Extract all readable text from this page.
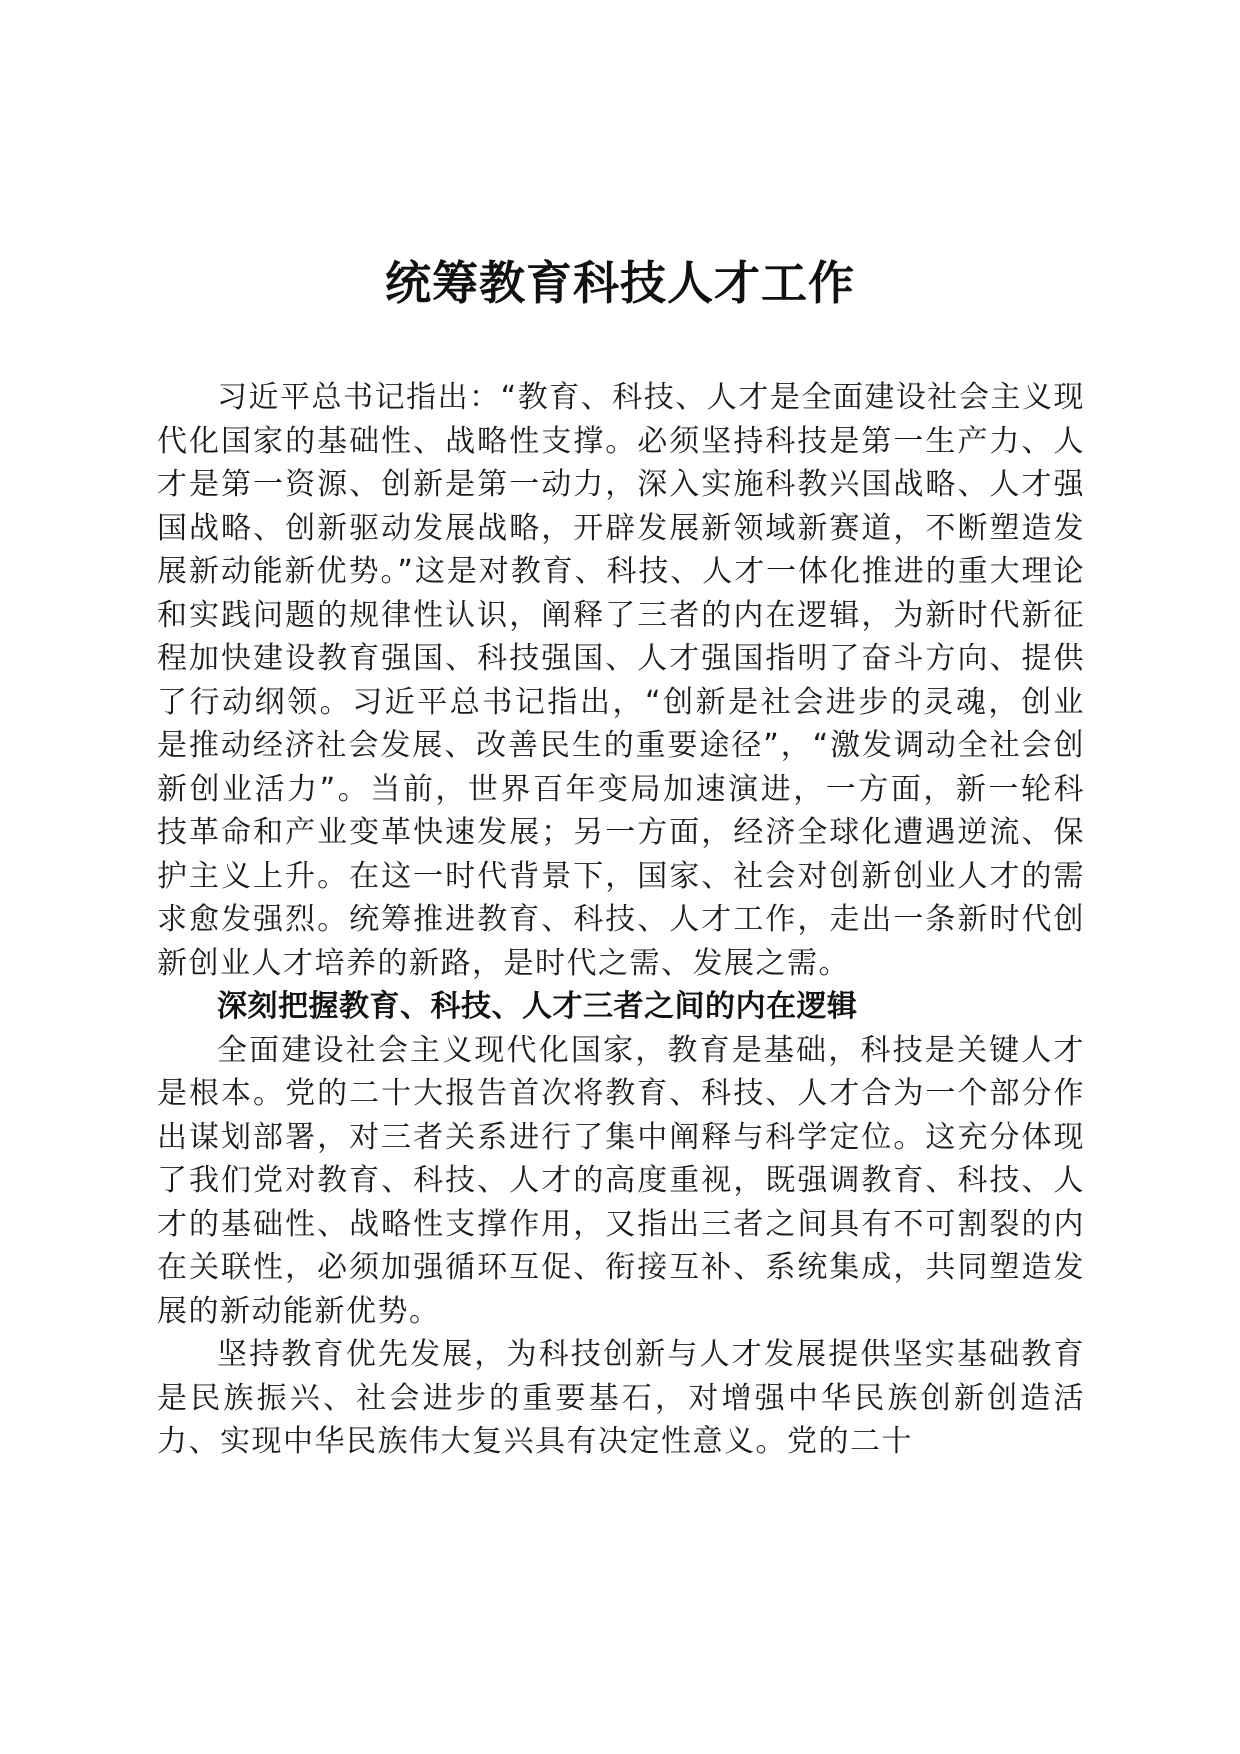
统筹教育科技人才工作

习近平总书记指出：“教育、科技、人才是全面建设社会主义现代化国家的基础性、战略性支撑。必须坚持科技是第一生产力、人才是第一资源、创新是第一动力，深入实施科教兴国战略、人才强国战略、创新驱动发展战略，开辟发展新领域新赛道，不断塑造发展新动能新优势。”这是对教育、科技、人才一体化推进的重大理论和实践问题的规律性认识，阐释了三者的内在逻辑，为新时代新征程加快建设教育强国、科技强国、人才强国指明了奋斗方向、提供了行动纲领。习近平总书记指出，“创新是社会进步的灵魂，创业是推动经济社会发展、改善民生的重要途径”，“激发调动全社会创新创业活力”。当前，世界百年变局加速演进，一方面，新一轮科技革命和产业变革快速发展；另一方面，经济全球化遭遇逆流、保护主义上升。在这一时代背景下，国家、社会对创新创业人才的需求愈发强烈。统筹推进教育、科技、人才工作，走出一条新时代创新创业人才培养的新路，是时代之需、发展之需。

深刻把握教育、科技、人才三者之间的内在逻辑

全面建设社会主义现代化国家，教育是基础，科技是关键人才是根本。党的二十大报告首次将教育、科技、人才合为一个部分作出谋划部署，对三者关系进行了集中阐释与科学定位。这充分体现了我们党对教育、科技、人才的高度重视，既强调教育、科技、人才的基础性、战略性支撑作用，又指出三者之间具有不可割裂的内在关联性，必须加强循环互促、衔接互补、系统集成，共同塑造发展的新动能新优势。

坚持教育优先发展，为科技创新与人才发展提供坚实基础教育是民族振兴、社会进步的重要基石，对增强中华民族创新创造活力、实现中华民族伟大复兴具有决定性意义。党的二十
